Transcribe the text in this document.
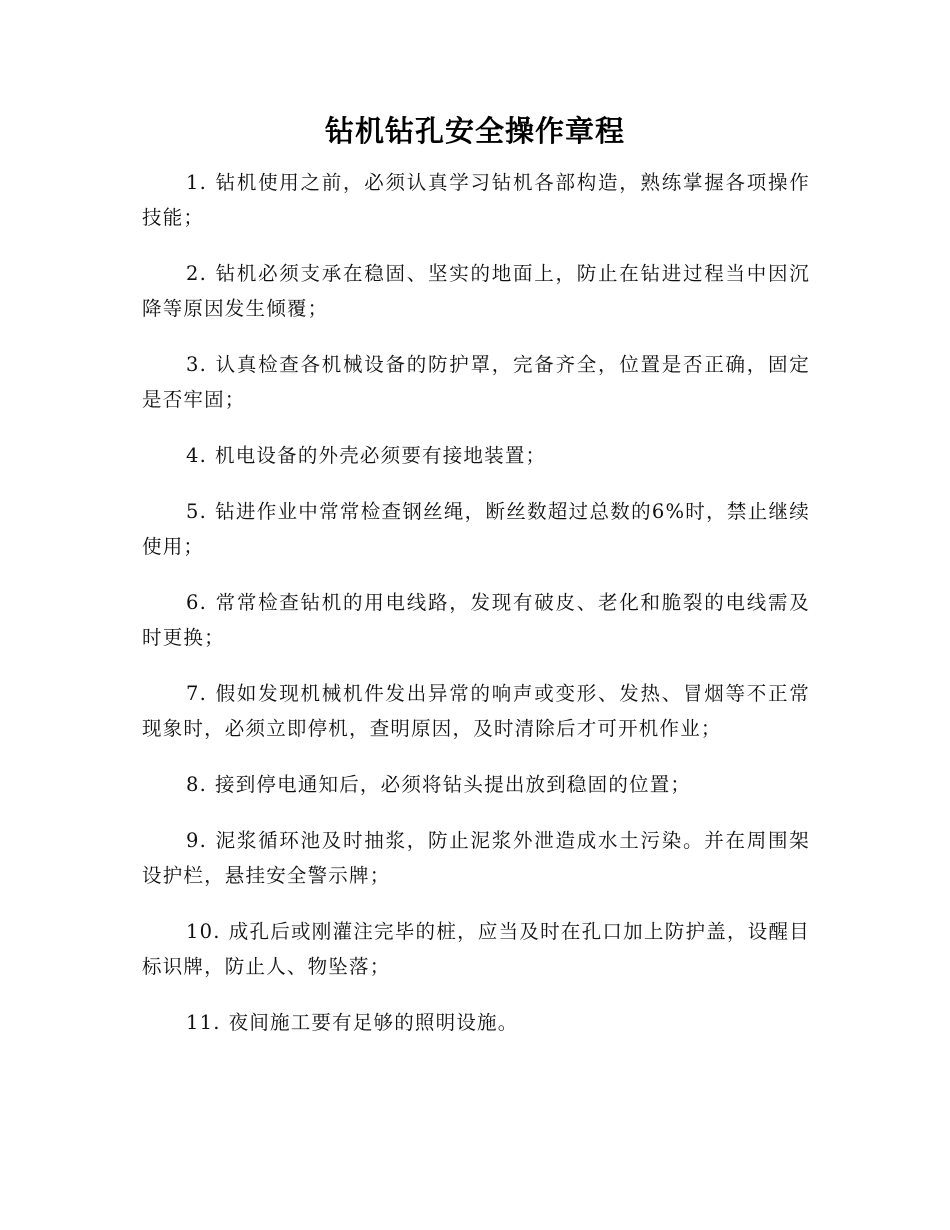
钻机钻孔安全操作章程

1. 钻机使用之前，必须认真学习钻机各部构造，熟练掌握各项操作技能；

2. 钻机必须支承在稳固、坚实的地面上，防止在钻进过程当中因沉降等原因发生倾覆；

3. 认真检查各机械设备的防护罩，完备齐全，位置是否正确，固定是否牢固；

4. 机电设备的外壳必须要有接地装置；

5. 钻进作业中常常检查钢丝绳，断丝数超过总数的6%时，禁止继续使用；

6. 常常检查钻机的用电线路，发现有破皮、老化和脆裂的电线需及时更换；

7. 假如发现机械机件发出异常的响声或变形、发热、冒烟等不正常现象时，必须立即停机，查明原因，及时清除后才可开机作业；

8. 接到停电通知后，必须将钻头提出放到稳固的位置；

9. 泥浆循环池及时抽浆，防止泥浆外泄造成水土污染。并在周围架设护栏，悬挂安全警示牌；

10. 成孔后或刚灌注完毕的桩，应当及时在孔口加上防护盖，设醒目标识牌，防止人、物坠落；

11. 夜间施工要有足够的照明设施。
